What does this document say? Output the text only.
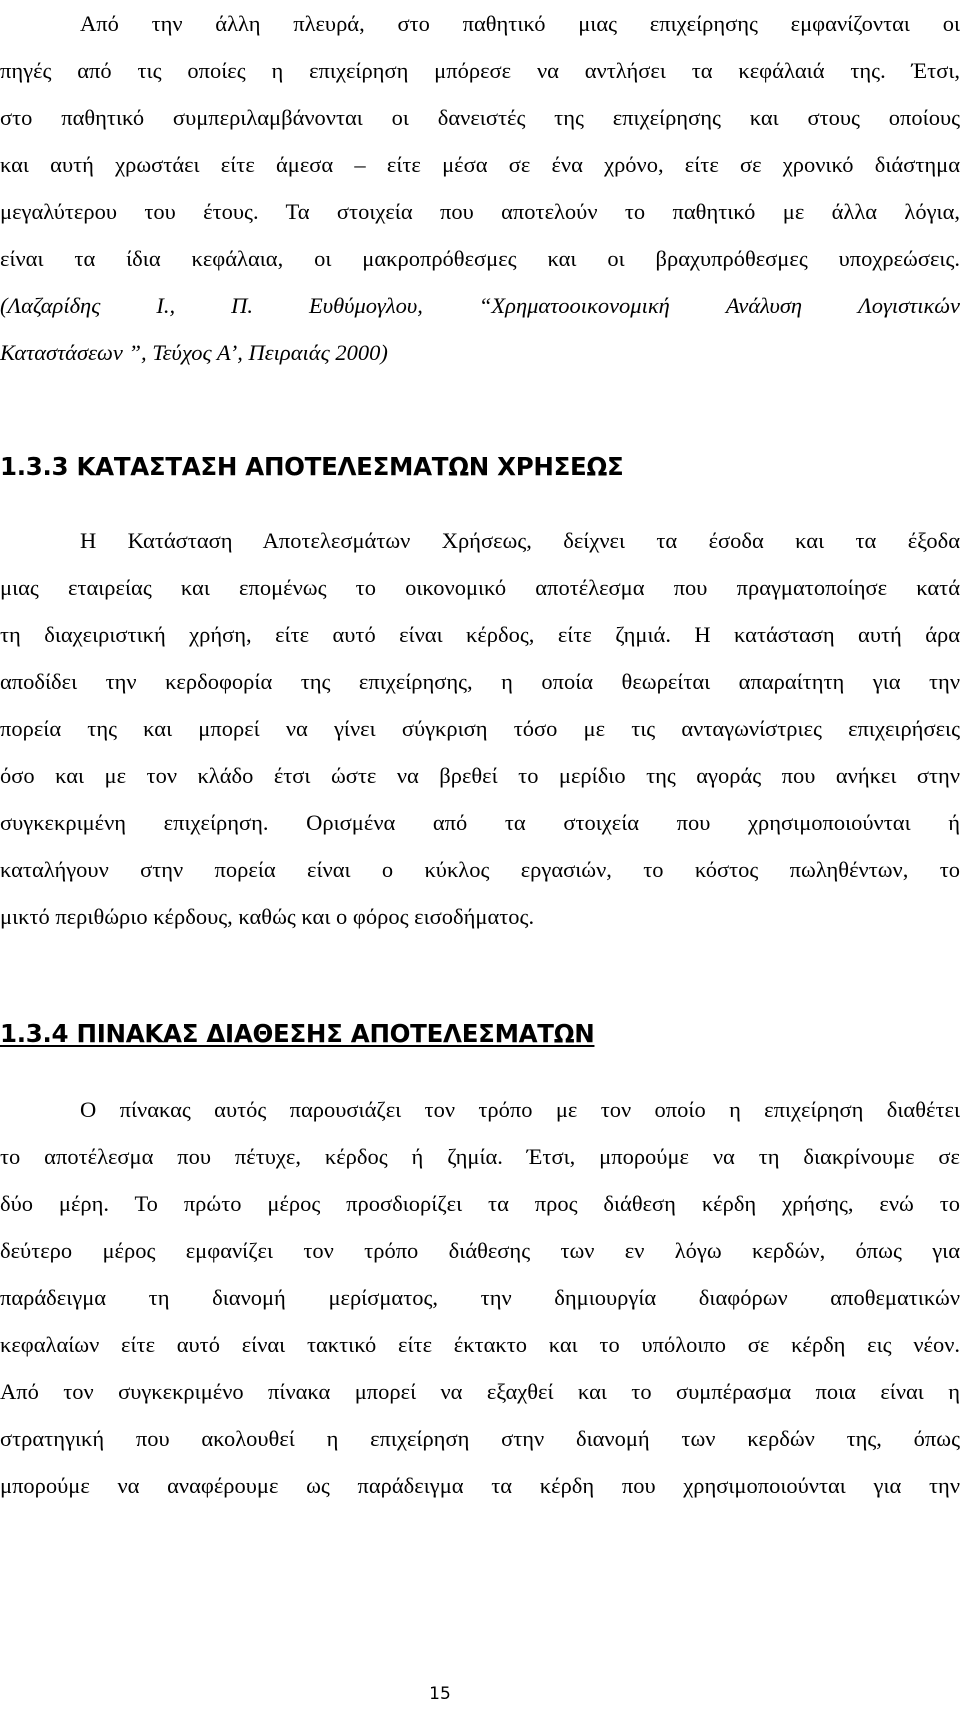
Από την άλλη πλευρά, στο παθητικό μιας επιχείρησης εμφανίζονται οι
πηγές από τις οποίες η επιχείρηση μπόρεσε να αντλήσει τα κεφάλαιά της. Έτσι,
στο παθητικό συμπεριλαμβάνονται οι δανειστές της επιχείρησης και στους οποίους
και αυτή χρωστάει είτε άμεσα – είτε μέσα σε ένα χρόνο, είτε σε χρονικό διάστημα
μεγαλύτερου του έτους. Τα στοιχεία που αποτελούν το παθητικό με άλλα λόγια,
είναι τα ίδια κεφάλαια, οι μακροπρόθεσμες και οι βραχυπρόθεσμες υποχρεώσεις.
(Λαζαρίδης Ι., Π. Ευθύμογλου, “Χρηματοοικονομική Ανάλυση Λογιστικών
Καταστάσεων ”, Τεύχος Α’, Πειραιάς 2000)
1.3.3 ΚΑΤΑΣΤΑΣΗ ΑΠΟΤΕΛΕΣΜΑΤΩΝ ΧΡΗΣΕΩΣ
Η Κατάσταση Αποτελεσμάτων Χρήσεως, δείχνει τα έσοδα και τα έξοδα
μιας εταιρείας και επομένως το οικονομικό αποτέλεσμα που πραγματοποίησε κατά
τη διαχειριστική χρήση, είτε αυτό είναι κέρδος, είτε ζημιά. Η κατάσταση αυτή άρα
αποδίδει την κερδοφορία της επιχείρησης, η οποία θεωρείται απαραίτητη για την
πορεία της και μπορεί να γίνει σύγκριση τόσο με τις ανταγωνίστριες επιχειρήσεις
όσο και με τον κλάδο έτσι ώστε να βρεθεί το μερίδιο της αγοράς που ανήκει στην
συγκεκριμένη επιχείρηση. Ορισμένα από τα στοιχεία που χρησιμοποιούνται ή
καταλήγουν στην πορεία είναι ο κύκλος εργασιών, το κόστος πωληθέντων, το
μικτό περιθώριο κέρδους, καθώς και ο φόρος εισοδήματος.
1.3.4 ΠΙΝΑΚΑΣ ΔΙΑΘΕΣΗΣ ΑΠΟΤΕΛΕΣΜΑΤΩΝ
Ο πίνακας αυτός παρουσιάζει τον τρόπο με τον οποίο η επιχείρηση διαθέτει
το αποτέλεσμα που πέτυχε, κέρδος ή ζημία. Έτσι, μπορούμε να τη διακρίνουμε σε
δύο μέρη. Το πρώτο μέρος προσδιορίζει τα προς διάθεση κέρδη χρήσης, ενώ το
δεύτερο μέρος εμφανίζει τον τρόπο διάθεσης των εν λόγω κερδών, όπως για
παράδειγμα τη διανομή μερίσματος, την δημιουργία διαφόρων αποθεματικών
κεφαλαίων είτε αυτό είναι τακτικό είτε έκτακτο και το υπόλοιπο σε κέρδη εις νέον.
Από τον συγκεκριμένο πίνακα μπορεί να εξαχθεί και το συμπέρασμα ποια είναι η
στρατηγική που ακολουθεί η επιχείρηση στην διανομή των κερδών της, όπως
μπορούμε να αναφέρουμε ως παράδειγμα τα κέρδη που χρησιμοποιούνται για την
15
